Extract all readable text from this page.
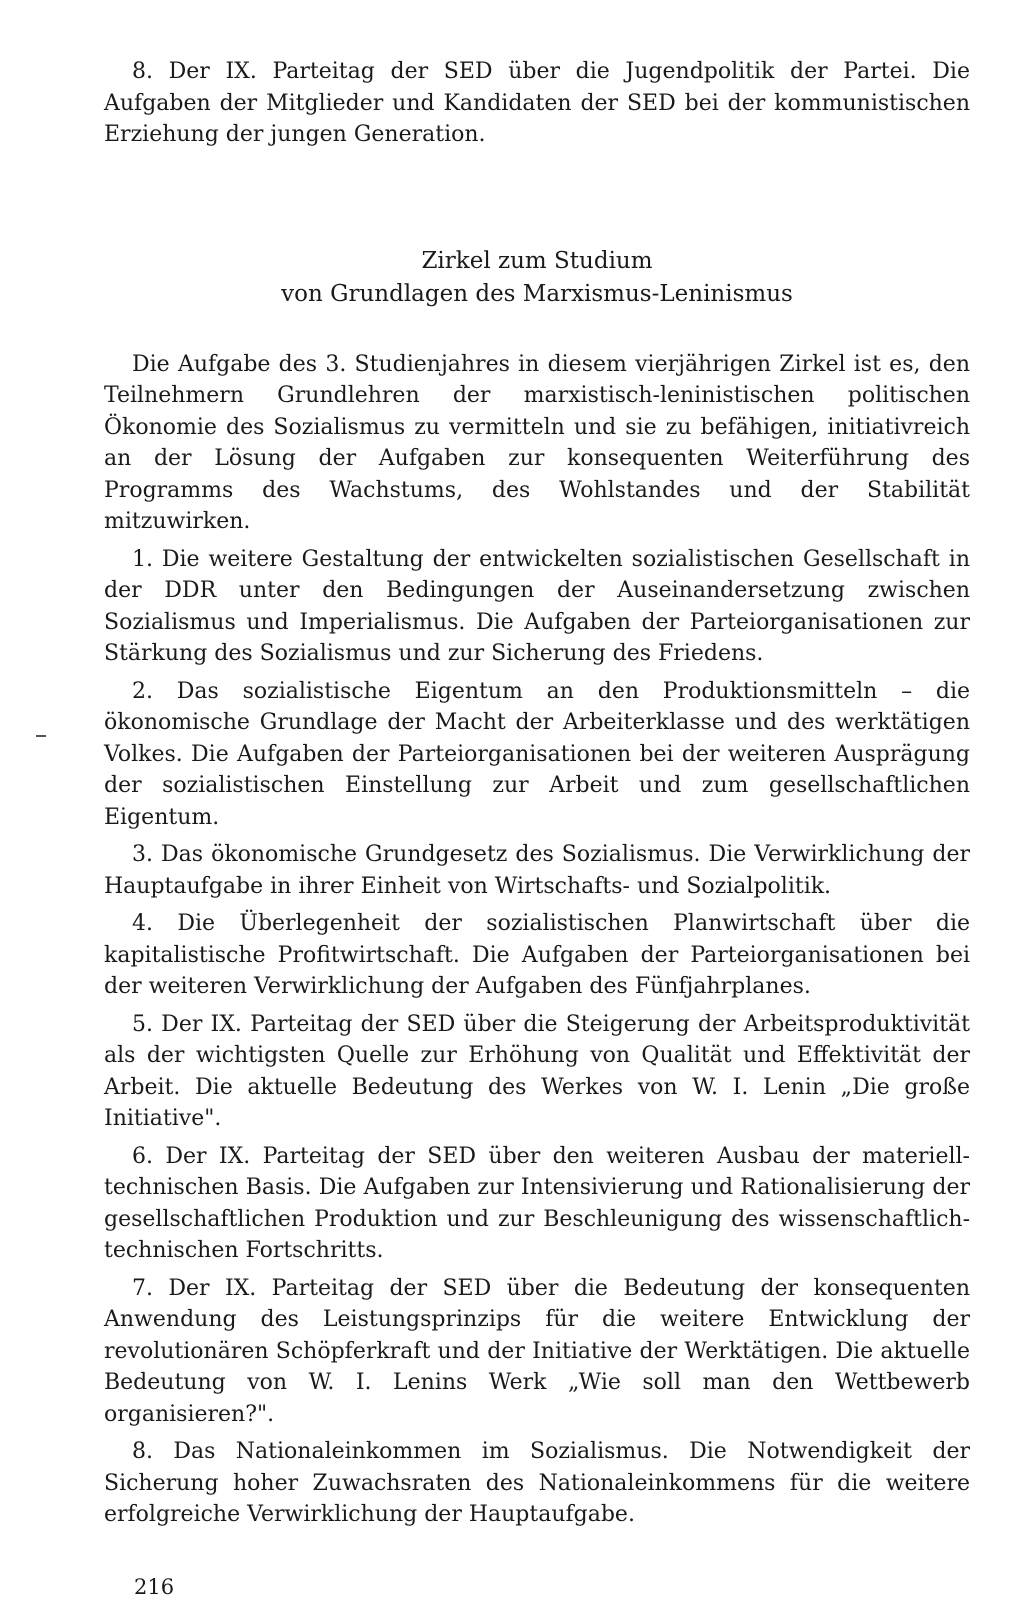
8. Der IX. Parteitag der SED über die Jugendpolitik der Partei. Die Aufgaben der Mitglieder und Kandidaten der SED bei der kommunistischen Erziehung der jungen Generation.

Zirkel zum Studium
von Grundlagen des Marxismus-Leninismus

Die Aufgabe des 3. Studienjahres in diesem vierjährigen Zirkel ist es, den Teilnehmern Grundlehren der marxistisch-leninistischen politischen Ökonomie des Sozialismus zu vermitteln und sie zu befähigen, initiativreich an der Lösung der Aufgaben zur konsequenten Weiterführung des Programms des Wachstums, des Wohlstandes und der Stabilität mitzuwirken.

1. Die weitere Gestaltung der entwickelten sozialistischen Gesellschaft in der DDR unter den Bedingungen der Auseinandersetzung zwischen Sozialismus und Imperialismus. Die Aufgaben der Parteiorganisationen zur Stärkung des Sozialismus und zur Sicherung des Friedens.

2. Das sozialistische Eigentum an den Produktionsmitteln – die ökonomische Grundlage der Macht der Arbeiterklasse und des werktätigen Volkes. Die Aufgaben der Parteiorganisationen bei der weiteren Ausprägung der sozialistischen Einstellung zur Arbeit und zum gesellschaftlichen Eigentum.

3. Das ökonomische Grundgesetz des Sozialismus. Die Verwirklichung der Hauptaufgabe in ihrer Einheit von Wirtschafts- und Sozialpolitik.

4. Die Überlegenheit der sozialistischen Planwirtschaft über die kapitalistische Profitwirtschaft. Die Aufgaben der Parteiorganisationen bei der weiteren Verwirklichung der Aufgaben des Fünfjahrplanes.

5. Der IX. Parteitag der SED über die Steigerung der Arbeitsproduktivität als der wichtigsten Quelle zur Erhöhung von Qualität und Effektivität der Arbeit. Die aktuelle Bedeutung des Werkes von W. I. Lenin „Die große Initiative".

6. Der IX. Parteitag der SED über den weiteren Ausbau der materiell-technischen Basis. Die Aufgaben zur Intensivierung und Rationalisierung der gesellschaftlichen Produktion und zur Beschleunigung des wissenschaftlich-technischen Fortschritts.

7. Der IX. Parteitag der SED über die Bedeutung der konsequenten Anwendung des Leistungsprinzips für die weitere Entwicklung der revolutionären Schöpferkraft und der Initiative der Werktätigen. Die aktuelle Bedeutung von W. I. Lenins Werk „Wie soll man den Wettbewerb organisieren?".

8. Das Nationaleinkommen im Sozialismus. Die Notwendigkeit der Sicherung hoher Zuwachsraten des Nationaleinkommens für die weitere erfolgreiche Verwirklichung der Hauptaufgabe.

216
